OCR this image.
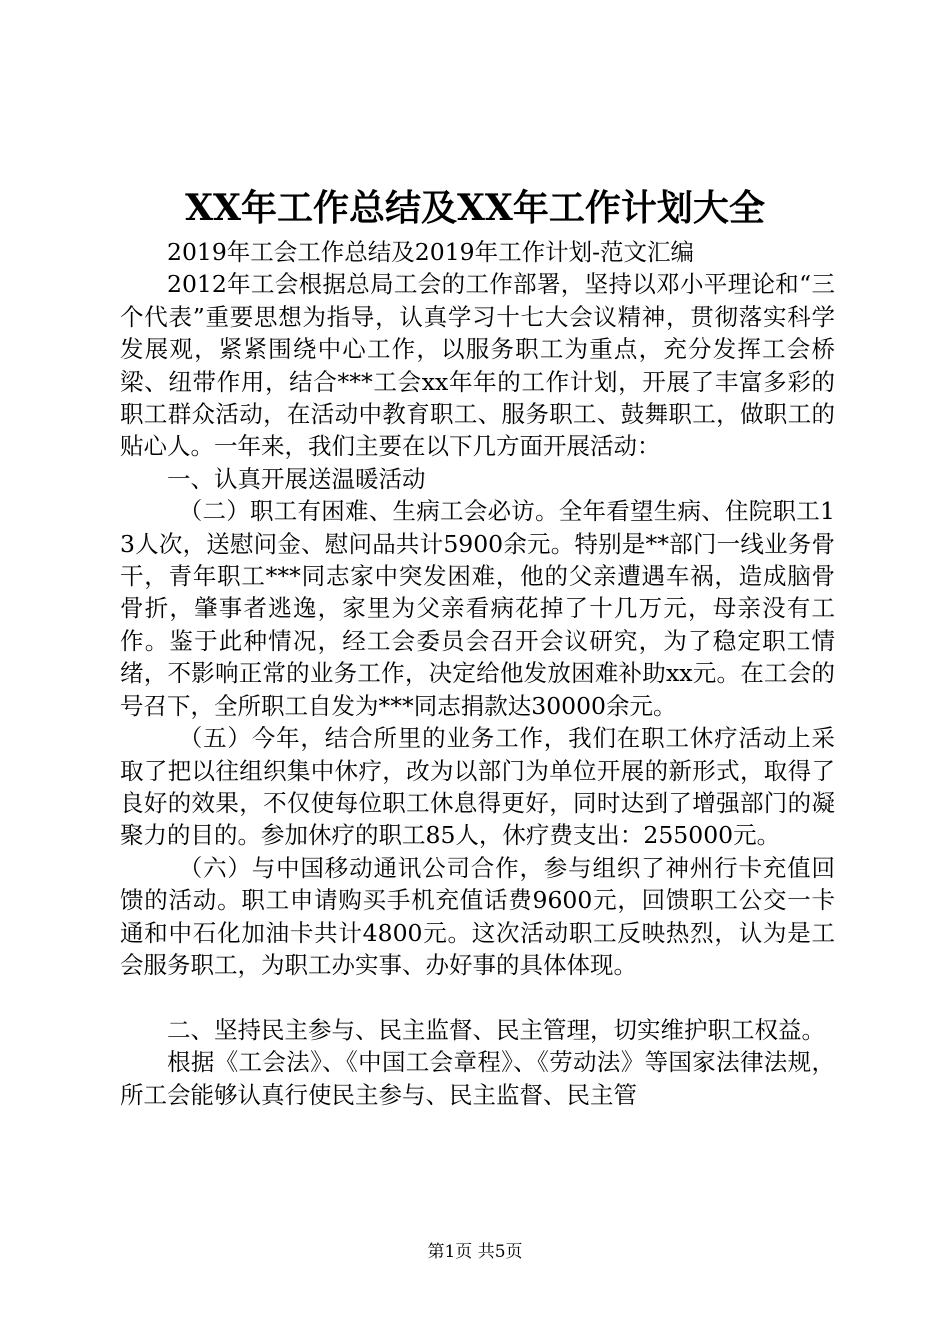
XX年工作总结及XX年工作计划大全

2019年工会工作总结及2019年工作计划-范文汇编

2012年工会根据总局工会的工作部署，坚持以邓小平理论和“三个代表”重要思想为指导，认真学习十七大会议精神，贯彻落实科学发展观，紧紧围绕中心工作，以服务职工为重点，充分发挥工会桥梁、纽带作用，结合***工会xx年年的工作计划，开展了丰富多彩的职工群众活动，在活动中教育职工、服务职工、鼓舞职工，做职工的贴心人。一年来，我们主要在以下几方面开展活动：

一、认真开展送温暖活动

（二）职工有困难、生病工会必访。全年看望生病、住院职工13人次，送慰问金、慰问品共计5900余元。特别是**部门一线业务骨干，青年职工***同志家中突发困难，他的父亲遭遇车祸，造成脑骨骨折，肇事者逃逸，家里为父亲看病花掉了十几万元，母亲没有工作。鉴于此种情况，经工会委员会召开会议研究，为了稳定职工情绪，不影响正常的业务工作，决定给他发放困难补助xx元。在工会的号召下，全所职工自发为***同志捐款达30000余元。

（五）今年，结合所里的业务工作，我们在职工休疗活动上采取了把以往组织集中休疗，改为以部门为单位开展的新形式，取得了良好的效果，不仅使每位职工休息得更好，同时达到了增强部门的凝聚力的目的。参加休疗的职工85人，休疗费支出：255000元。

（六）与中国移动通讯公司合作，参与组织了神州行卡充值回馈的活动。职工申请购买手机充值话费9600元，回馈职工公交一卡通和中石化加油卡共计4800元。这次活动职工反映热烈，认为是工会服务职工，为职工办实事、办好事的具体体现。

二、坚持民主参与、民主监督、民主管理，切实维护职工权益。

根据《工会法》、《中国工会章程》、《劳动法》等国家法律法规，所工会能够认真行使民主参与、民主监督、民主管

第1页 共5页
